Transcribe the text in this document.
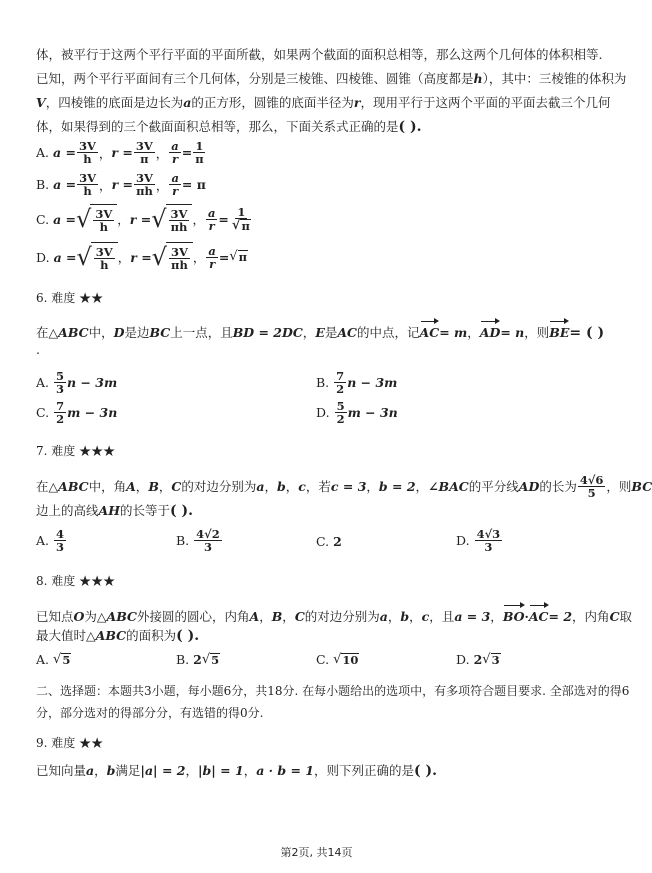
体，被平行于这两个平行平面的平面所截，如果两个截面的面积总相等，那么这两个几何体的体积相等.
已知，两个平行平面间有三个几何体，分别是三棱锥、四棱锥、圆锥（高度都是h），其中：三棱锥的体积为
V，四棱锥的底面是边长为a的正方形，圆锥的底面半径为r，现用平行于这两个平面的平面去截三个几何
体，如果得到的三个截面面积总相等，那么，下面关系式正确的是( ).
A. $a = \frac{3V}{h}$ ， $r = \frac{3V}{\pi}$ ， $\frac{a}{r} = \frac{1}{\pi}$
B. $a = \frac{3V}{h}$ ， $r = \frac{3V}{\pi h}$ ， $\frac{a}{r} = \pi$
C. a = √ $\frac{3V}{h}$ ， r = √ $\frac{3V}{\pi h}$ ， $\frac{a}{r} = \frac{1}{√ \pi}$
D. a = √ $\frac{3V}{h}$ ， r = √ $\frac{3V}{\pi h}$ ， $\frac{a}{r}$ = √ π
6. 难度 ★★
在△ABC中，D是边BC上一点，且BD = 2DC，E是AC的中点，记AC= m，AD= n，则BE= ( )
.
A. $\frac{5}{3}$ n − 3m	B. $\frac{7}{2}$ n − 3m
C. $\frac{7}{2}$ m − 3n	D. $\frac{5}{2}$ m − 3n
7. 难度 ★★★
在 △ABC 中，角 A ， B ， C 的对边分别为 a ， b ， c ，若 c = 3 ， b = 2 ， ∠BAC 的平分线 AD 的长为 $\frac{4√6}{5}$ ，则 BC
边上的高线AH的长等于( ).
A. $\frac{4}{3}$	B. $\frac{4√2}{3}$	C. 2	D. $\frac{4√3}{3}$
8. 难度 ★★★
已知点O为△ABC外接圆的圆心，内角A，B，C的对边分别为a，b，c，且a = 3，BO·AC= 2，内角C取
最大值时△ABC的面积为( ).
A. √ 5	B. 2 √ 5	C. √ 10	D. 2 √ 3
二、选择题：本题共3小题，每小题6分，共18分. 在每小题给出的选项中，有多项符合题目要求. 全部选对的得6
分，部分选对的得部分分，有选错的得0分.
9. 难度 ★★
已知向量a，b满足|a| = 2，|b| = 1，a · b = 1，则下列正确的是( ).
第2页, 共14页
